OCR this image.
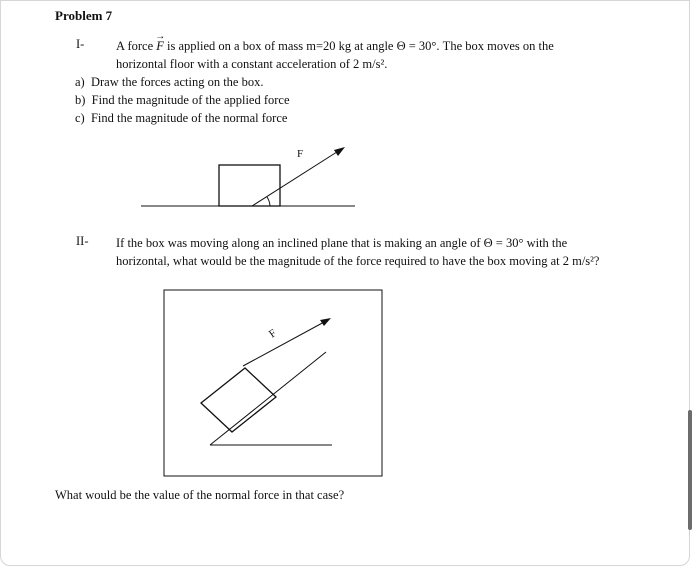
Problem 7
I-	A force
→
F is applied on a box of mass m=20 kg at angle Θ = 30°. The box moves on the
horizontal floor with a constant acceleration of 2 m/s².
a) Draw the forces acting on the box.
b) Find the magnitude of the applied force
c) Find the magnitude of the normal force
F
II- If the box was moving along an inclined plane that is making an angle of Θ = 30° with the
horizontal, what would be the magnitude of the force required to have the box moving at 2 m/s²?
F
What would be the value of the normal force in that case?
